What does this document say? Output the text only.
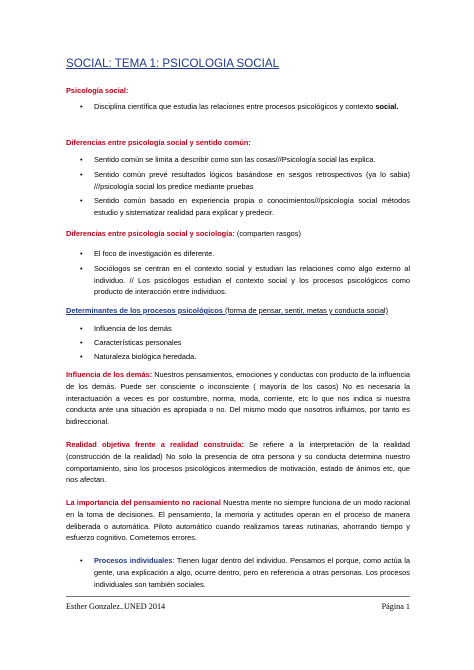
SOCIAL: TEMA 1: PSICOLOGIA SOCIAL
Psicología social:
• Disciplina científica que estudia las relaciones entre procesos psicológicos y contexto social.
Diferencias entre psicología social y sentido común:
• Sentido común se limita a describir como son las cosas///Psicología social las explica.
• Sentido común prevé resultados lógicos basándose en sesgos retrospectivos (ya lo sabia) ///psicología social los predice mediante pruebas
• Sentido común basado en experiencia propia o conocimientos///psicología social métodos estudio y sistematizar realidad para explicar y predecir.
Diferencias entre psicología social y sociología: (comparten rasgos)
• El foco de investigación es diferente.
• Sociólogos se centran en el contexto social y estudian las relaciones como algo externo al individuo. // Los psicólogos estudian el contexto social y los procesos psicológicos como producto de interacción entre individuos.
Determinantes de los procesos psicológicos (forma de pensar, sentir, metas y conducta social)
• Influencia de los demás
• Características personales
• Naturaleza biológica heredada.
Influencia de los demás: Nuestros pensamientos, emociones y conductas con producto de la influencia de los demás. Puede ser consciente o inconsciente ( mayoría de los casos) No es necesaria la interactuación a veces es por costumbre, norma, moda, corriente, etc lo que nos indica si nuestra conducta ante una situación es apropiada o no. Del mismo modo que nosotros influimos, por tanto es bidireccional.
Realidad objetiva frente a realidad construida: Se refiere a la interpretación de la realidad (construcción de la realidad) No solo la presencia de otra persona y su conducta determina nuestro comportamiento, sino los procesos psicológicos intermedios de motivación, estado de ánimos etc, que nos afectan.
La importancia del pensamiento no racional Nuestra mente no siempre funciona de un modo racional en la toma de decisiones. El pensamiento, la memoria y actitudes operan en el proceso de manera deliberada o automática. Piloto automático cuando realizamos tareas rutinarias, ahorrando tiempo y esfuerzo cognitivo. Cometemos errores.
• Procesos individuales: Tienen lugar dentro del individuo. Pensamos el porque, como actúa la gente, una explicación a algo, ocurre dentro, pero en referencia a otras personas. Los procesos individuales son también sociales.
Esther Gonzalez..UNED 2014	Página 1
